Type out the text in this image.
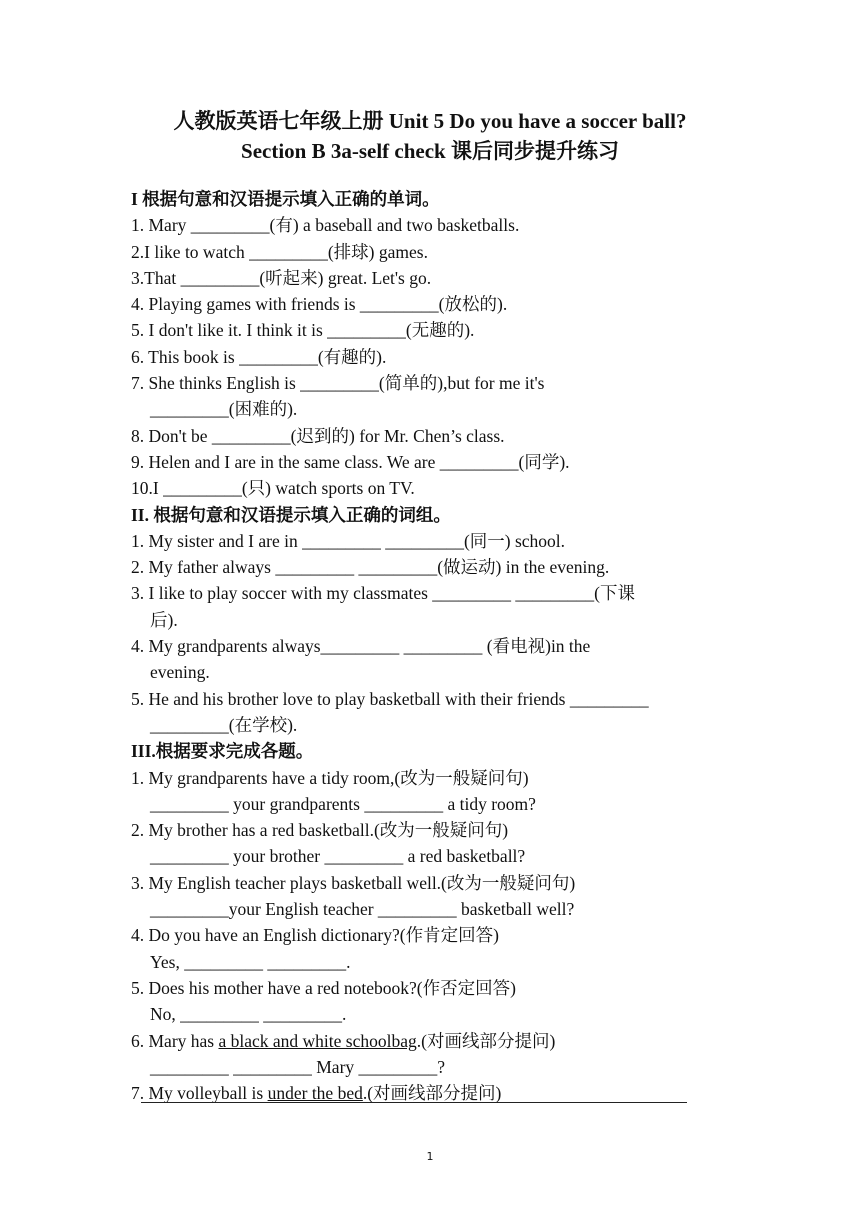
人教版英语七年级上册 Unit 5 Do you have a soccer ball?
Section B 3a-self check 课后同步提升练习
I 根据句意和汉语提示填入正确的单词。
1. Mary _________(有) a baseball and two basketballs.
2.I like to watch _________(排球) games.
3.That _________(听起来) great. Let's go.
4. Playing games with friends is _________(放松的).
5. I don't like it. I think it is _________(无趣的).
6. This book is _________(有趣的).
7. She thinks English is _________(简单的),but for me it's
_________(困难的).
8. Don't be _________(迟到的) for Mr. Chen’s class.
9. Helen and I are in the same class. We are _________(同学).
10.I _________(只) watch sports on TV.
II. 根据句意和汉语提示填入正确的词组。
1. My sister and I are in _________ _________(同一) school.
2. My father always _________ _________(做运动) in the evening.
3. I like to play soccer with my classmates _________ _________(下课
后).
4. My grandparents always_________ _________ (看电视)in the
evening.
5. He and his brother love to play basketball with their friends _________
_________(在学校).
III.根据要求完成各题。
1. My grandparents have a tidy room,(改为一般疑问句)
_________ your grandparents _________ a tidy room?
2. My brother has a red basketball.(改为一般疑问句)
_________ your brother _________ a red basketball?
3. My English teacher plays basketball well.(改为一般疑问句)
_________your English teacher _________ basketball well?
4. Do you have an English dictionary?(作肯定回答)
Yes, _________ _________.
5. Does his mother have a red notebook?(作否定回答)
No, _________ _________.
6. Mary has a black and white schoolbag.(对画线部分提问)
_________ _________ Mary _________?
7. My volleyball is under the bed.(对画线部分提问)
1
